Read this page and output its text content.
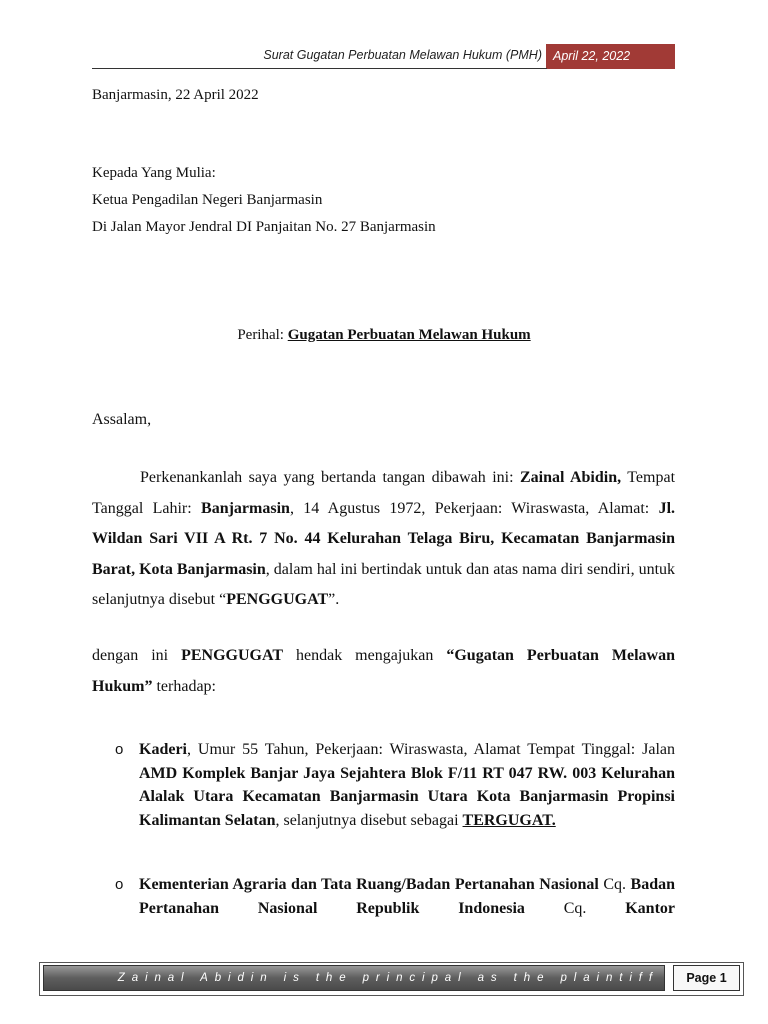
Surat Gugatan Perbuatan Melawan Hukum (PMH) April 22, 2022
Banjarmasin, 22 April 2022
Kepada Yang Mulia:
Ketua Pengadilan Negeri Banjarmasin
Di Jalan Mayor Jendral DI Panjaitan No. 27 Banjarmasin
Perihal: Gugatan Perbuatan Melawan Hukum
Assalam,
Perkenankanlah saya yang bertanda tangan dibawah ini: Zainal Abidin, Tempat Tanggal Lahir: Banjarmasin, 14 Agustus 1972, Pekerjaan: Wiraswasta, Alamat: Jl. Wildan Sari VII A Rt. 7 No. 44 Kelurahan Telaga Biru, Kecamatan Banjarmasin Barat, Kota Banjarmasin, dalam hal ini bertindak untuk dan atas nama diri sendiri, untuk selanjutnya disebut “PENGGUGAT”.
dengan ini PENGGUGAT hendak mengajukan “Gugatan Perbuatan Melawan Hukum” terhadap:
o Kaderi, Umur 55 Tahun, Pekerjaan: Wiraswasta, Alamat Tempat Tinggal: Jalan AMD Komplek Banjar Jaya Sejahtera Blok F/11 RT 047 RW. 003 Kelurahan Alalak Utara Kecamatan Banjarmasin Utara Kota Banjarmasin Propinsi Kalimantan Selatan, selanjutnya disebut sebagai TERGUGAT.
o Kementerian Agraria dan Tata Ruang/Badan Pertanahan Nasional Cq. Badan Pertanahan Nasional Republik Indonesia Cq. Kantor
Zainal Abidin is the principal as the plaintiff	Page 1
